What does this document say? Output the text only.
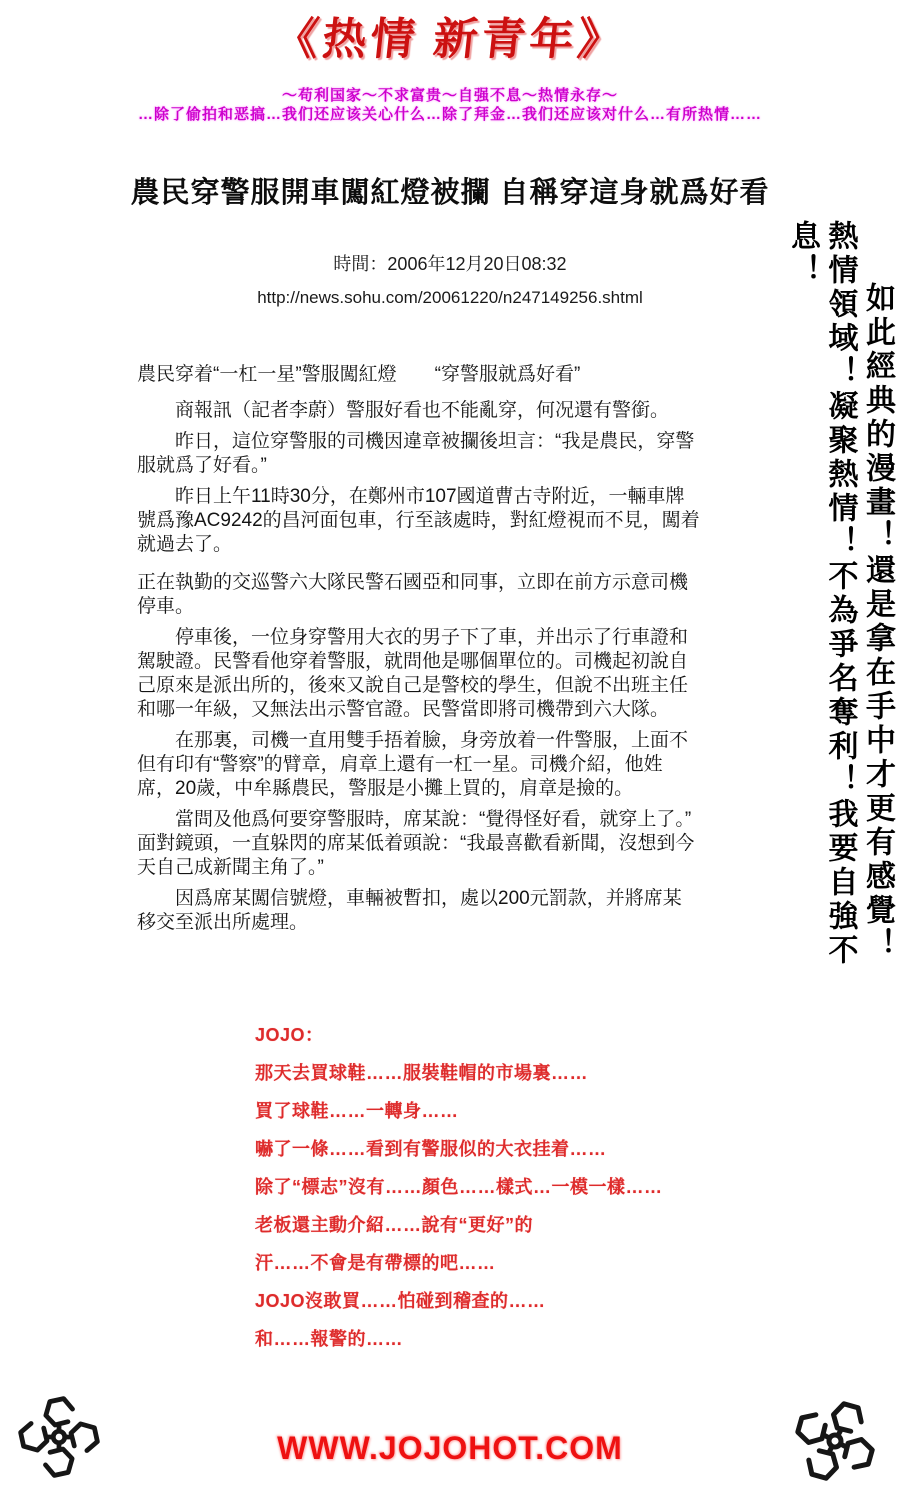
《热情 新青年》

～苟利国家～不求富贵～自强不息～热情永存～

…除了偷拍和恶搞…我们还应该关心什么…除了拜金…我们还应该对什么…有所热情……

農民穿警服開車闖紅燈被攔 自稱穿這身就爲好看
時間：2006年12月20日08:32
http://news.sohu.com/20061220/n247149256.shtml

農民穿着“一杠一星”警服闖紅燈　　“穿警服就爲好看”

商報訊（記者李蔚）警服好看也不能亂穿，何况還有警銜。

昨日，這位穿警服的司機因違章被攔後坦言：“我是農民，穿警服就爲了好看。”

昨日上午11時30分，在鄭州市107國道曹古寺附近，一輛車牌號爲豫AC9242的昌河面包車，行至該處時，對紅燈視而不見，闖着就過去了。

正在執勤的交巡警六大隊民警石國亞和同事，立即在前方示意司機停車。

停車後，一位身穿警用大衣的男子下了車，并出示了行車證和駕駛證。民警看他穿着警服，就問他是哪個單位的。司機起初說自己原來是派出所的，後來又說自己是警校的學生，但說不出班主任和哪一年級，又無法出示警官證。民警當即將司機帶到六大隊。

在那裏，司機一直用雙手捂着臉，身旁放着一件警服，上面不但有印有“警察”的臂章，肩章上還有一杠一星。司機介紹，他姓席，20歲，中牟縣農民，警服是小攤上買的，肩章是撿的。

當問及他爲何要穿警服時，席某說：“覺得怪好看，就穿上了。”面對鏡頭，一直躲閃的席某低着頭說：“我最喜歡看新聞，沒想到今天自己成新聞主角了。”

因爲席某闖信號燈，車輛被暫扣，處以200元罰款，并將席某移交至派出所處理。	如此經典的漫畫！還是拿在手中才更有感覺！
熱情領域！凝聚熱情！不為爭名奪利！我要自強不息！

JOJO：

那天去買球鞋……服裝鞋帽的市場裏……

買了球鞋……一轉身……

嚇了一條……看到有警服似的大衣挂着……

除了“標志”沒有……顏色……樣式…一模一樣……

老板還主動介紹……說有“更好”的

汗……不會是有帶標的吧……

JOJO沒敢買……怕碰到稽查的……

和……報警的……

WWW.JOJOHOT.COM
